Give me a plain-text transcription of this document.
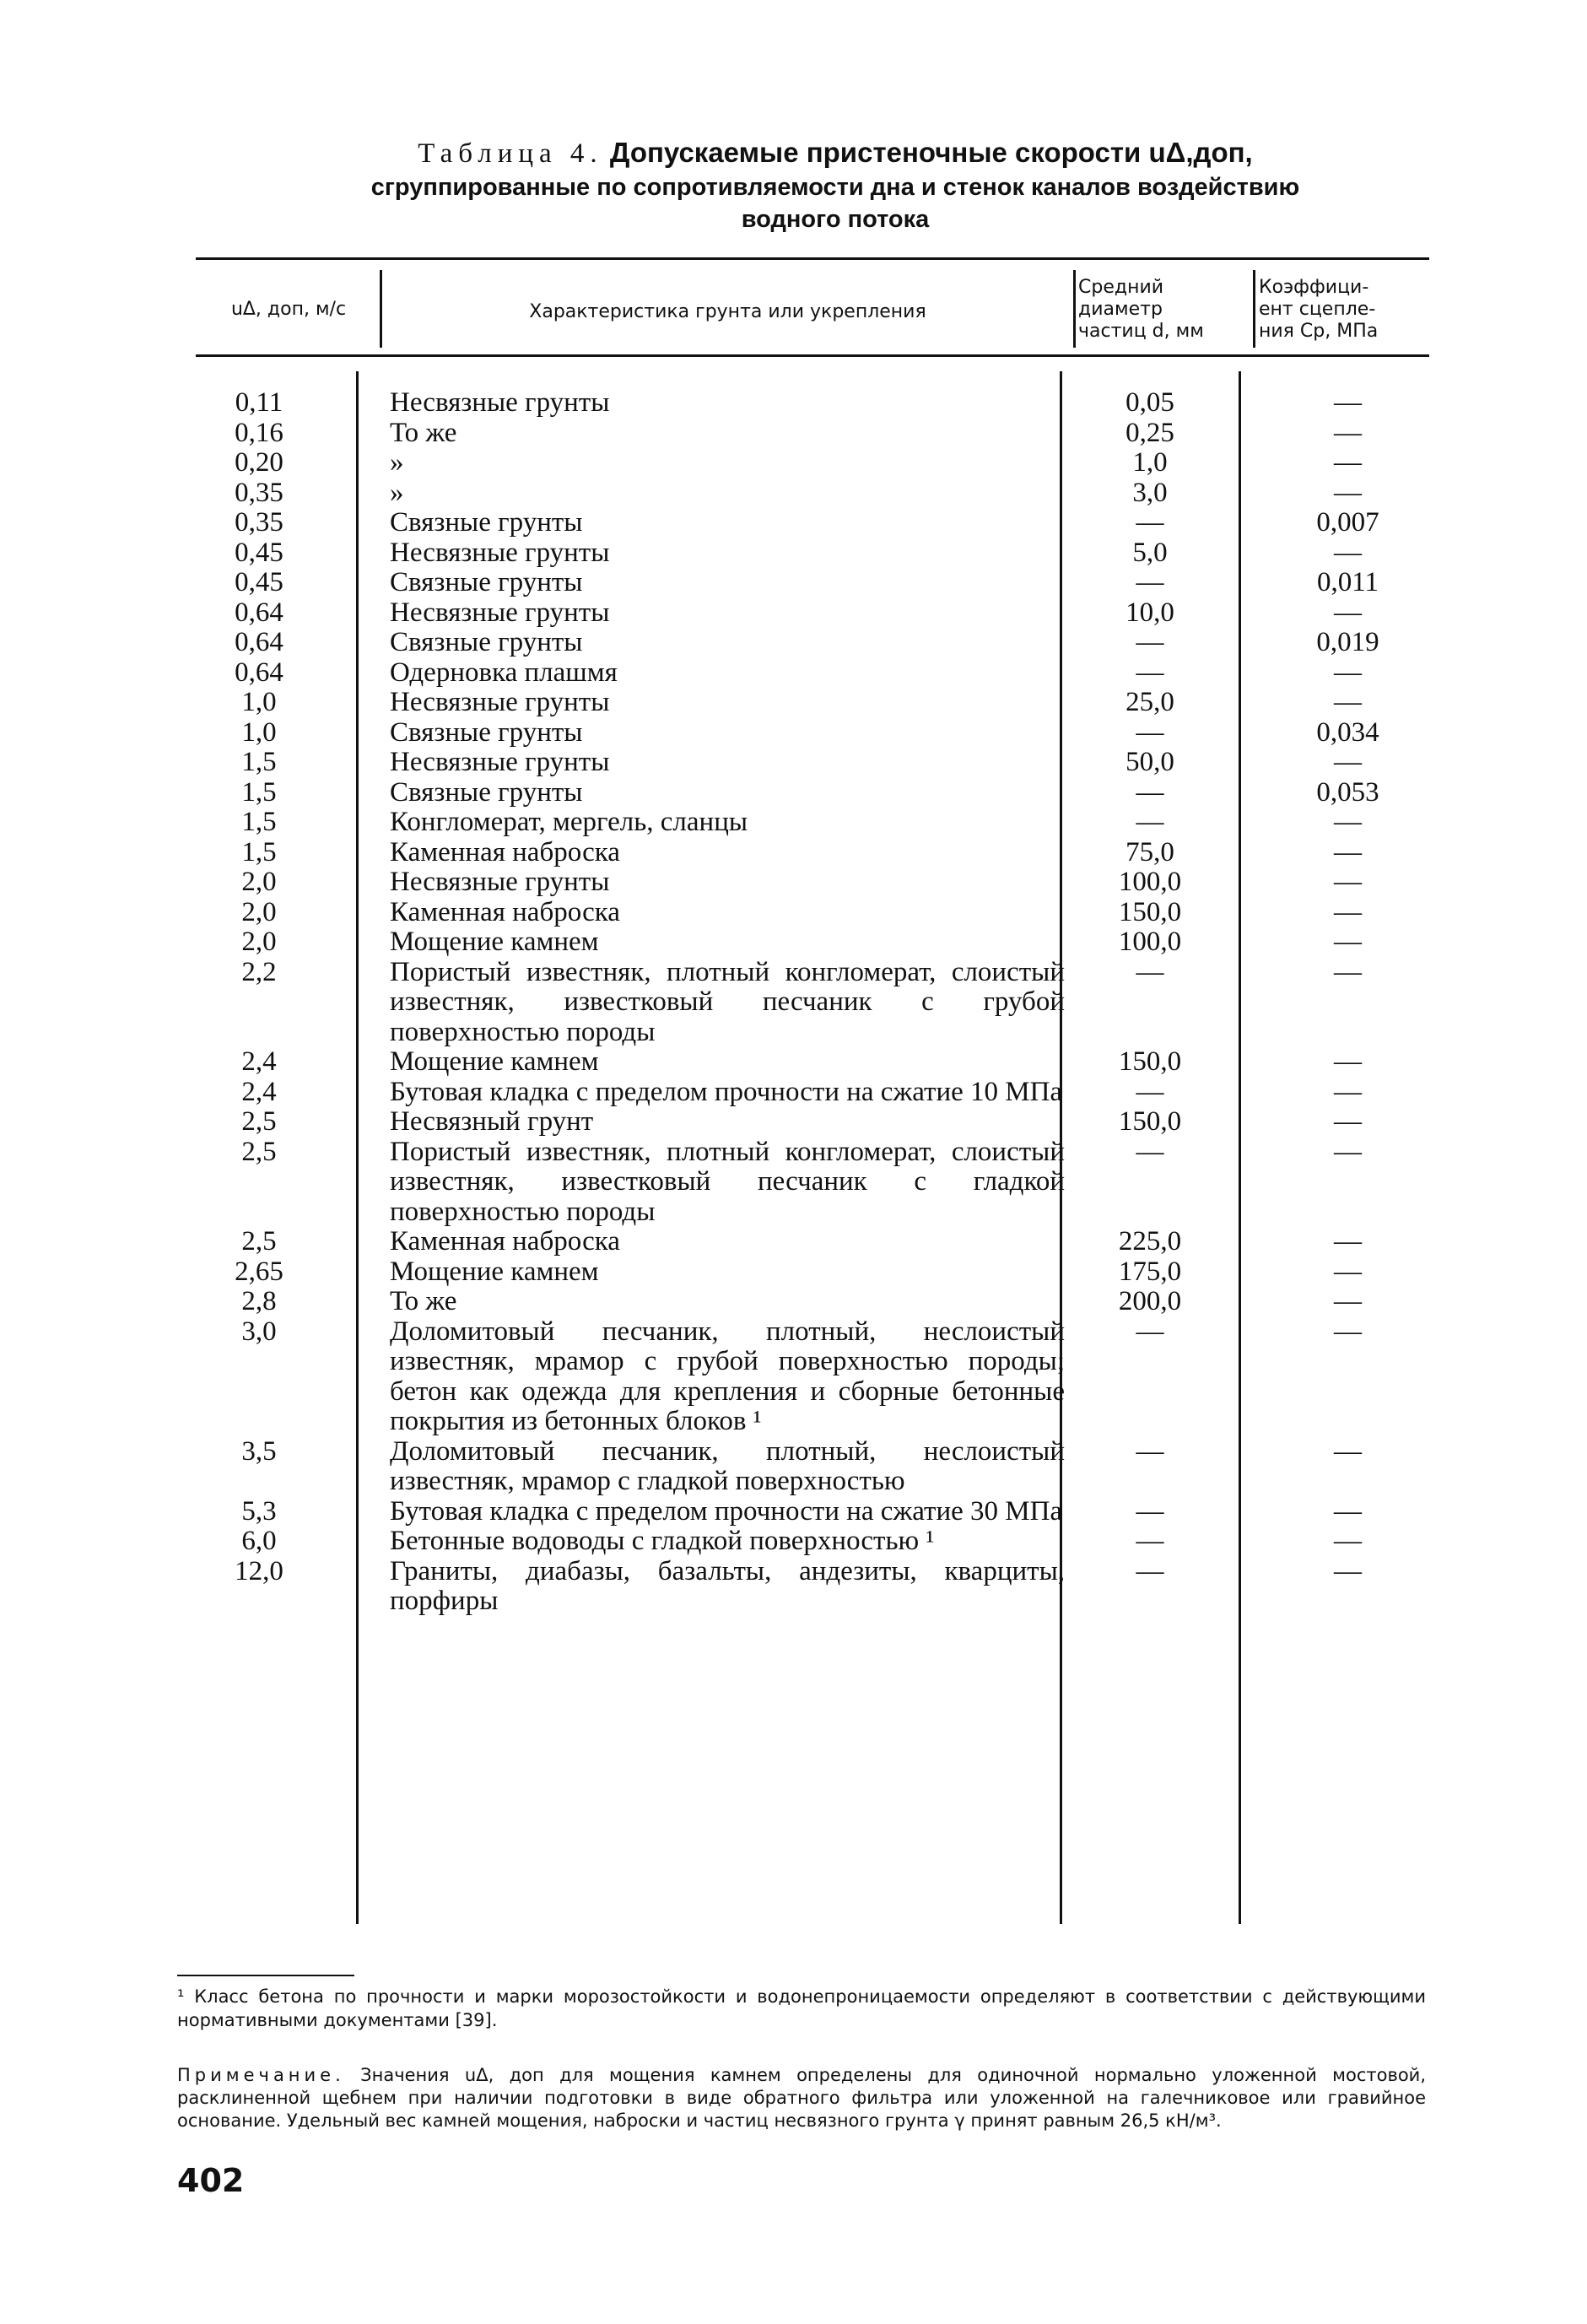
Таблица 4. Допускаемые пристеночные скорости uΔ,доп,
сгруппированные по сопротивляемости дна и стенок каналов воздействию
водного потока
uΔ, доп, м/с	Характеристика грунта или укрепления
Средний
диаметр
частиц d, мм
Коэффици-
ент сцепле-
ния Cp, МПа
0,11
0,16
0,20
0,35
0,35
0,45
0,45
0,64
0,64
0,64
1,0
1,0
1,5
1,5
1,5
1,5
2,0
2,0
2,0
2,2
2,4
2,4
2,5
2,5
2,5
2,65
2,8
3,0
3,5
5,3
6,0
12,0
Несвязные грунты
То же
»
»
Связные грунты
Несвязные грунты
Связные грунты
Несвязные грунты
Связные грунты
Одерновка плашмя
Несвязные грунты
Связные грунты
Несвязные грунты
Связные грунты
Конгломерат, мергель, сланцы
Каменная наброска
Несвязные грунты
Каменная наброска
Мощение камнем
Пористый известняк, плотный конгломерат, слоистый известняк, известковый песчаник с грубой поверхностью породы
Мощение камнем
Бутовая кладка с пределом прочности на сжатие 10 МПа
Несвязный грунт
Пористый известняк, плотный конгломерат, слоистый известняк, известковый песчаник с гладкой поверхностью породы
Каменная наброска
Мощение камнем
То же
Доломитовый песчаник, плотный, неслоистый известняк, мрамор с грубой поверхностью породы; бетон как одежда для крепления и сборные бетонные покрытия из бетонных блоков ¹
Доломитовый песчаник, плотный, неслоистый известняк, мрамор с гладкой поверхностью
Бутовая кладка с пределом прочности на сжатие 30 МПа
Бетонные водоводы с гладкой поверхностью ¹
Граниты, диабазы, базальты, андезиты, кварциты, порфиры
0,05
0,25
1,0
3,0
—
5,0
—
10,0
—
—
25,0
—
50,0
—
—
75,0
100,0
150,0
100,0
—
150,0
—
150,0
—
225,0
175,0
200,0
—
—
—
—
—
—
—
—
—
0,007
—
0,011
—
0,019
—
—
0,034
—
0,053
—
—
—
—
—
—
—
—
—
—
—
—
—
—
—
—
—
—
¹ Класс бетона по прочности и марки морозостойкости и водонепроницаемости определяют в соответствии с действующими нормативными документами [39].
Примечание. Значения uΔ, доп для мощения камнем определены для одиночной нормально уложенной мостовой, расклиненной щебнем при наличии подготовки в виде обратного фильтра или уложенной на галечниковое или гравийное основание. Удельный вес камней мощения, наброски и частиц несвязного грунта γ принят равным 26,5 кН/м³.
402
